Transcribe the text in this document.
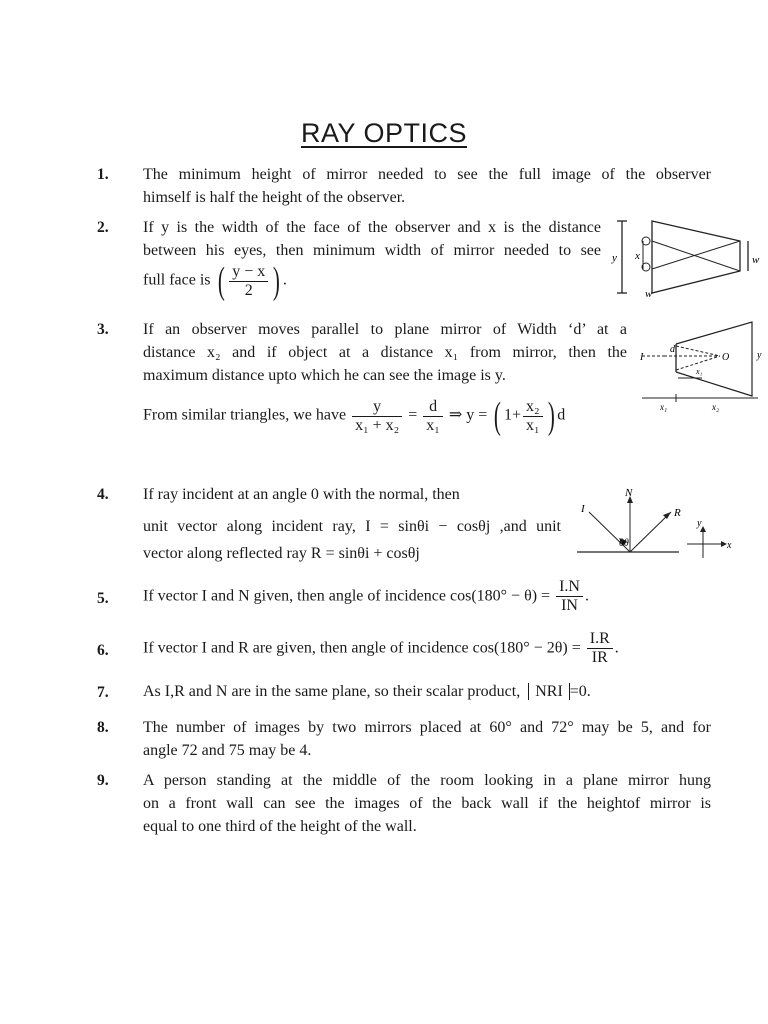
RAY OPTICS
1. The minimum height of mirror needed to see the full image of the observer
himself is half the height of the observer.
2. If y is the width of the face of the observer and x is the distance
between his eyes, then minimum width of mirror needed to see
full face is ( $\frac{y - x}{2}$ ) .
y x	w
w
3. If an observer moves parallel to plane mirror of Width ‘d’ at a
distance x₂ and if object at a distance x₁ from mirror, then the
maximum distance upto which he can see the image is y.
From similar triangles, we have $\frac{y}{\text{x₁ + x₂}} = \frac{d}{\text{x₁}}$ ⇒ y = ( $1+ \frac{\text{x₂}}{\text{x₁}}$ ) d
I
d
O
x₁
y
x₁	x₂
4. If ray incident at an angle 0 with the normal, then
unit vector along incident ray, I = sinθi − cosθj ,and unit
vector along reflected ray R = sinθi + cosθj
I
N
R
θθ
y
x
5. If vector I and N given, then angle of incidence $\cos(180^\circ - \theta) = \frac{I.N}{IN}$ .
6. If vector I and R are given, then angle of incidence $\cos(180^\circ - 2\theta) = \frac{I.R}{IR}$ .
7. As I,R and N are in the same plane, so their scalar product, NRI =0.
8. The number of images by two mirrors placed at 60° and 72° may be 5, and for
angle 72 and 75 may be 4.
9. A person standing at the middle of the room looking in a plane mirror hung
on a front wall can see the images of the back wall if the heightof mirror is
equal to one third of the height of the wall.
